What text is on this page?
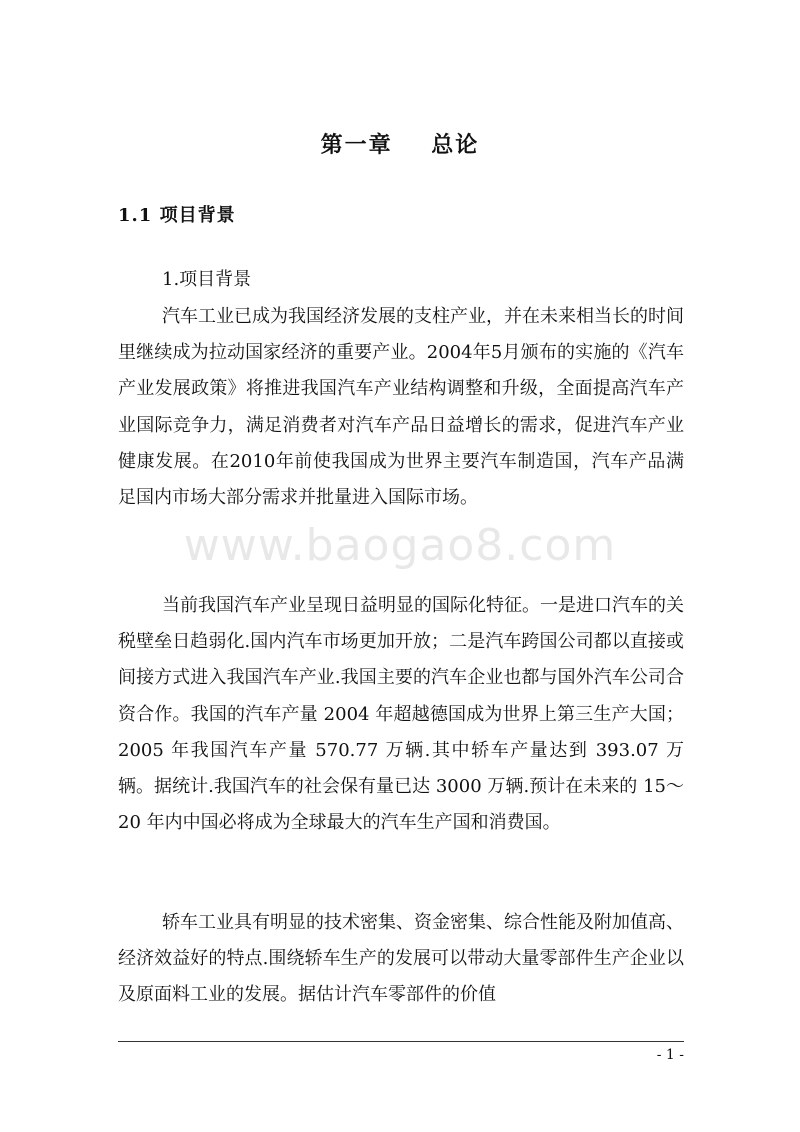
第一章    总论
1.1 项目背景

1.项目背景

汽车工业已成为我国经济发展的支柱产业，并在未来相当长的时间里继续成为拉动国家经济的重要产业。2004年5月颁布的实施的《汽车产业发展政策》将推进我国汽车产业结构调整和升级，全面提高汽车产业国际竞争力，满足消费者对汽车产品日益增长的需求，促进汽车产业健康发展。在2010年前使我国成为世界主要汽车制造国，汽车产品满足国内市场大部分需求并批量进入国际市场。

当前我国汽车产业呈现日益明显的国际化特征。一是进口汽车的关税壁垒日趋弱化.国内汽车市场更加开放；二是汽车跨国公司都以直接或间接方式进入我国汽车产业.我国主要的汽车企业也都与国外汽车公司合资合作。我国的汽车产量 2004 年超越德国成为世界上第三生产大国；2005 年我国汽车产量 570.77 万辆.其中轿车产量达到 393.07 万辆。据统计.我国汽车的社会保有量已达 3000 万辆.预计在未来的 15～20 年内中国必将成为全球最大的汽车生产国和消费国。

轿车工业具有明显的技术密集、资金密集、综合性能及附加值高、经济效益好的特点.围绕轿车生产的发展可以带动大量零部件生产企业以及原面料工业的发展。据估计汽车零部件的价值

www.baogao8.com
- 1 -
